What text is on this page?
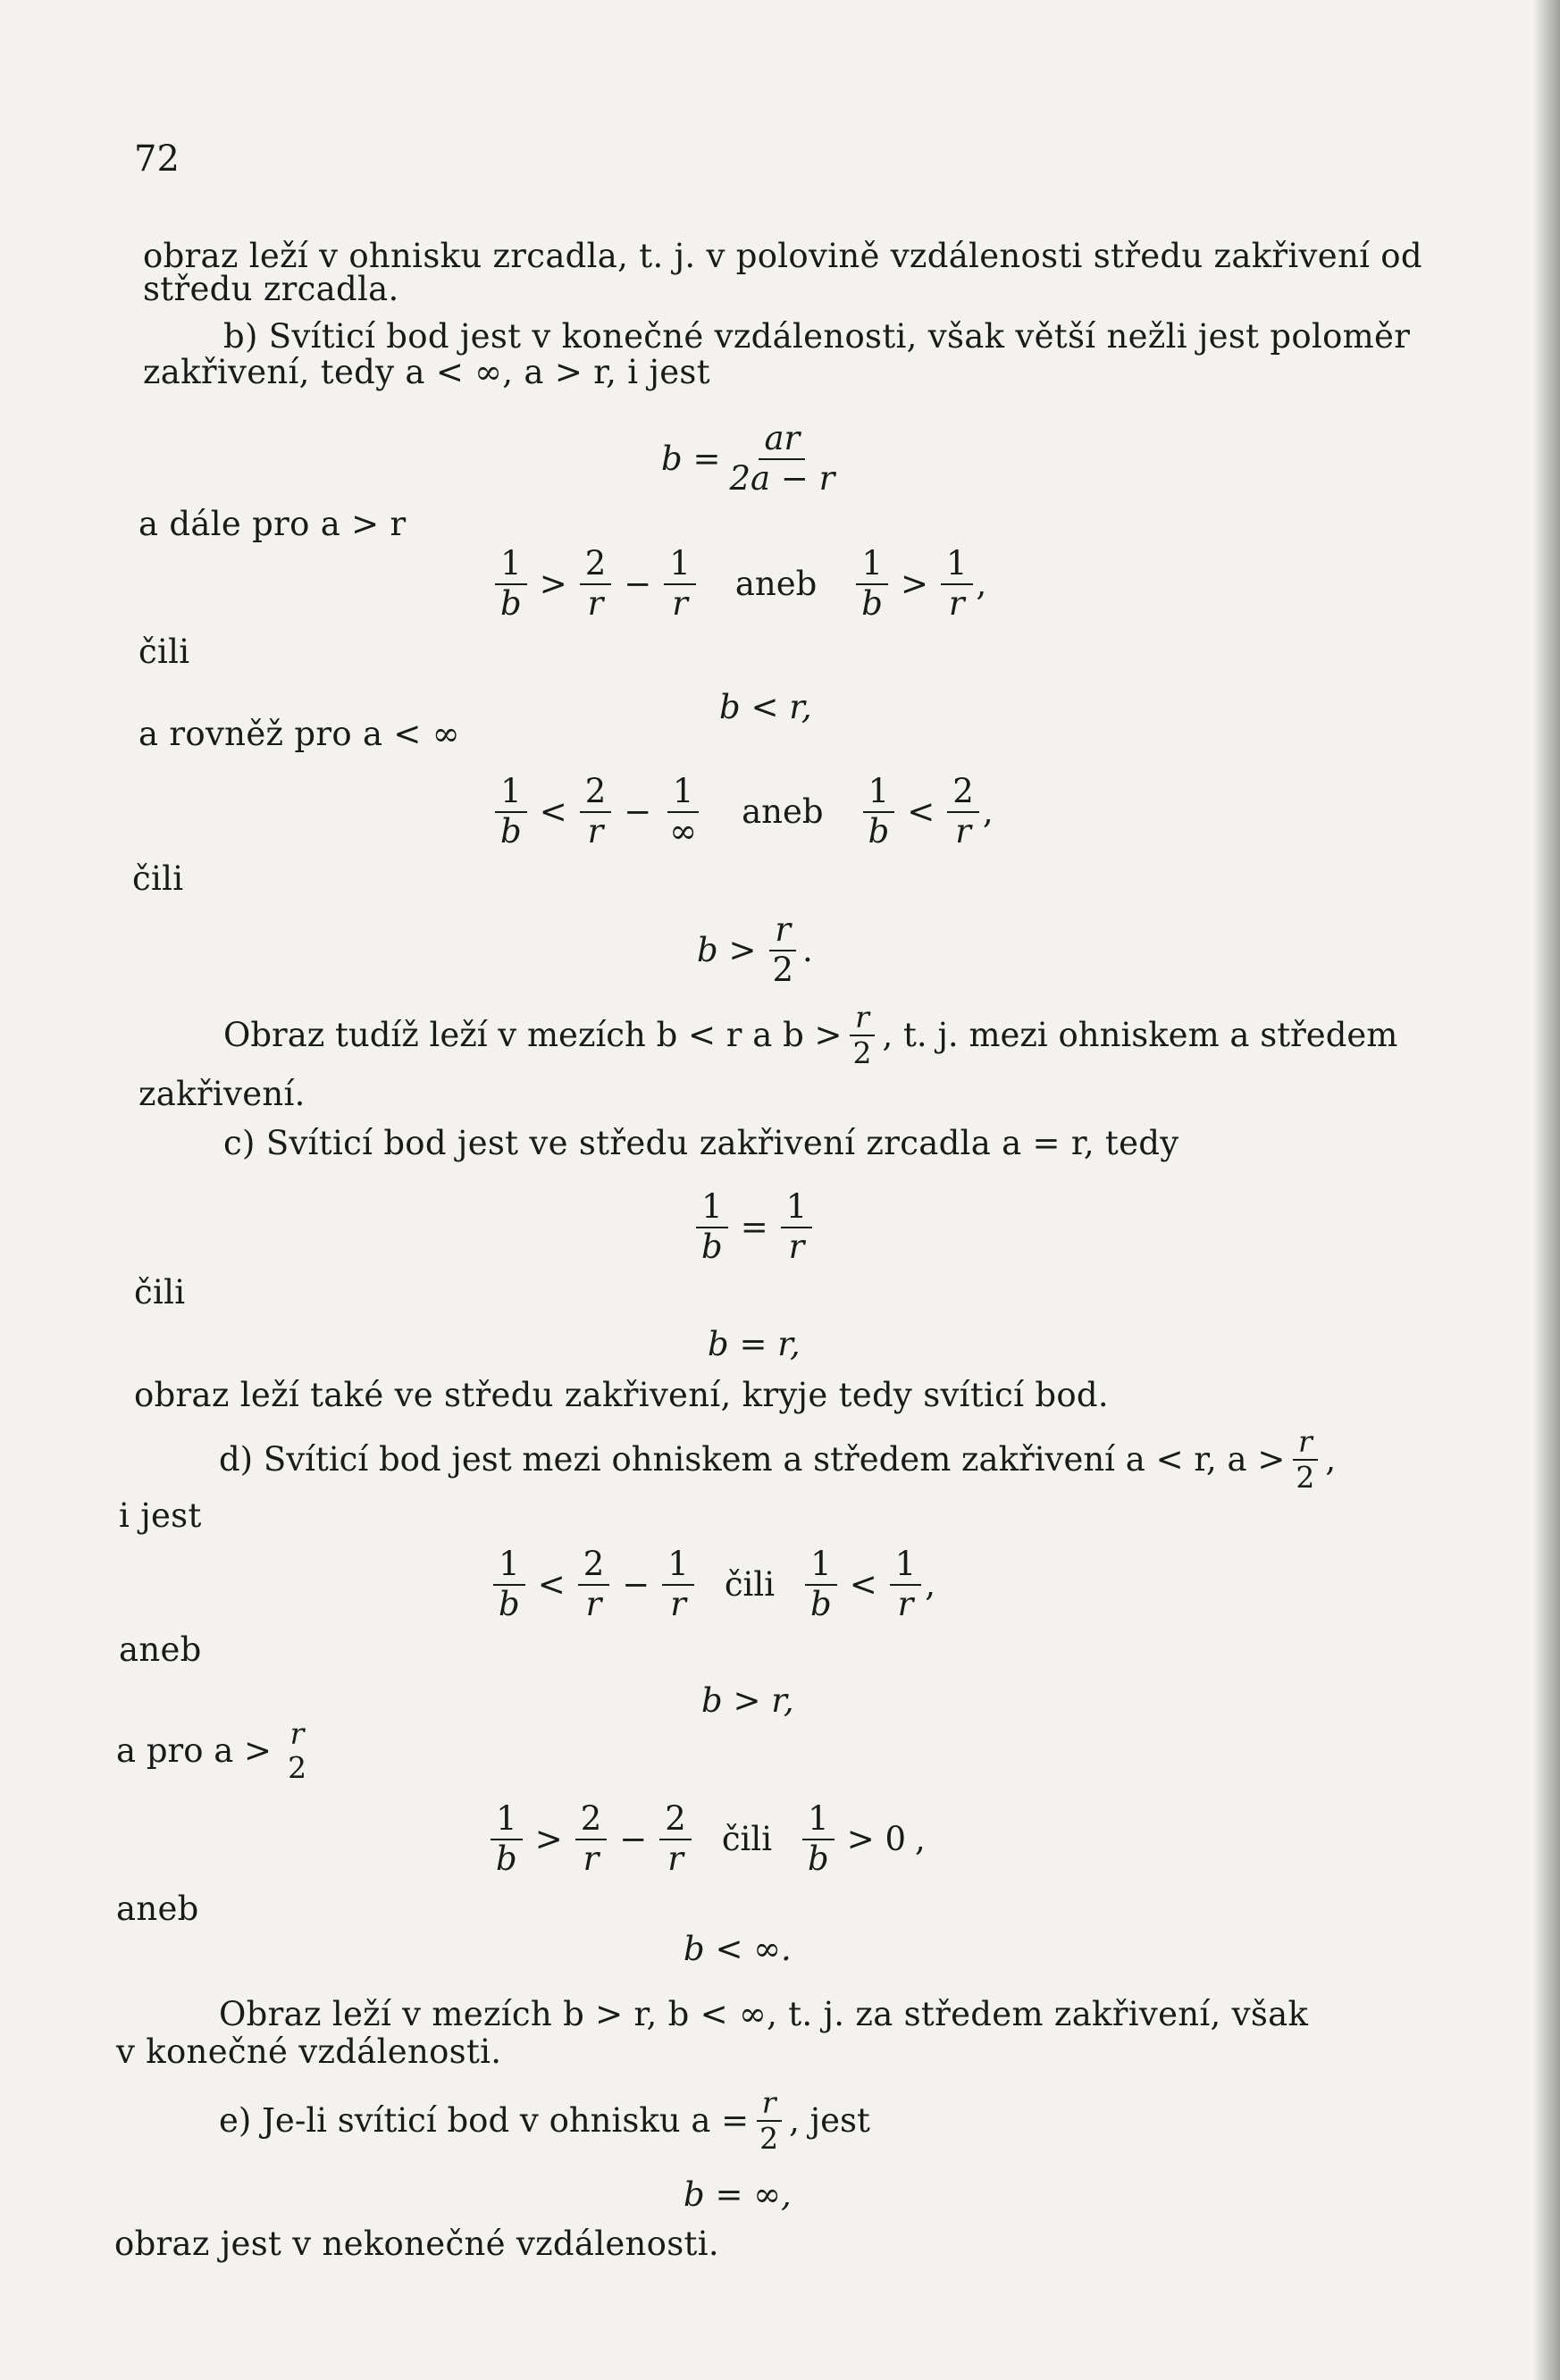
72
obraz leží v ohnisku zrcadla, t. j. v polovině vzdálenosti středu zakřivení od
středu zrcadla.
b) Svíticí bod jest v konečné vzdálenosti, však větší nežli jest poloměr
zakřivení, tedy a < ∞, a > r, i jest
$b = \frac{ar}{2a - r}$
a dále pro a > r
$\frac{1}{b} > \frac{2}{r} - \frac{1}{r}$ aneb $\frac{1}{b} > \frac{1}{r}$ ,
čili
b < r,
a rovněž pro a < ∞
$\frac{1}{b} < \frac{2}{r} - \frac{1}{\infty}$ aneb $\frac{1}{b} < \frac{2}{r}$ ,
čili
$b > \frac{r}{2}$ .
Obraz tudíž leží v mezích b < r a $b > \frac{r}{2}$ , t. j. mezi ohniskem a středem
zakřivení.
c) Svíticí bod jest ve středu zakřivení zrcadla a = r, tedy
$\frac{1}{b} = \frac{1}{r}$
čili
b = r,
obraz leží také ve středu zakřivení, kryje tedy svíticí bod.
d) Svíticí bod jest mezi ohniskem a středem zakřivení a < r, $a > \frac{r}{2}$ ,
i jest
$\frac{1}{b} < \frac{2}{r} - \frac{1}{r}$ čili $\frac{1}{b} < \frac{1}{r}$ ,
aneb
b > r,
a pro a > r
2
$\frac{1}{b} > \frac{2}{r} - \frac{2}{r}$ čili $\frac{1}{b} > 0$ ,
aneb
b < ∞.
Obraz leží v mezích b > r, b < ∞, t. j. za středem zakřivení, však
v konečné vzdálenosti.
e) Je-li svíticí bod v ohnisku $a = \frac{r}{2}$ , jest
b = ∞,
obraz jest v nekonečné vzdálenosti.
